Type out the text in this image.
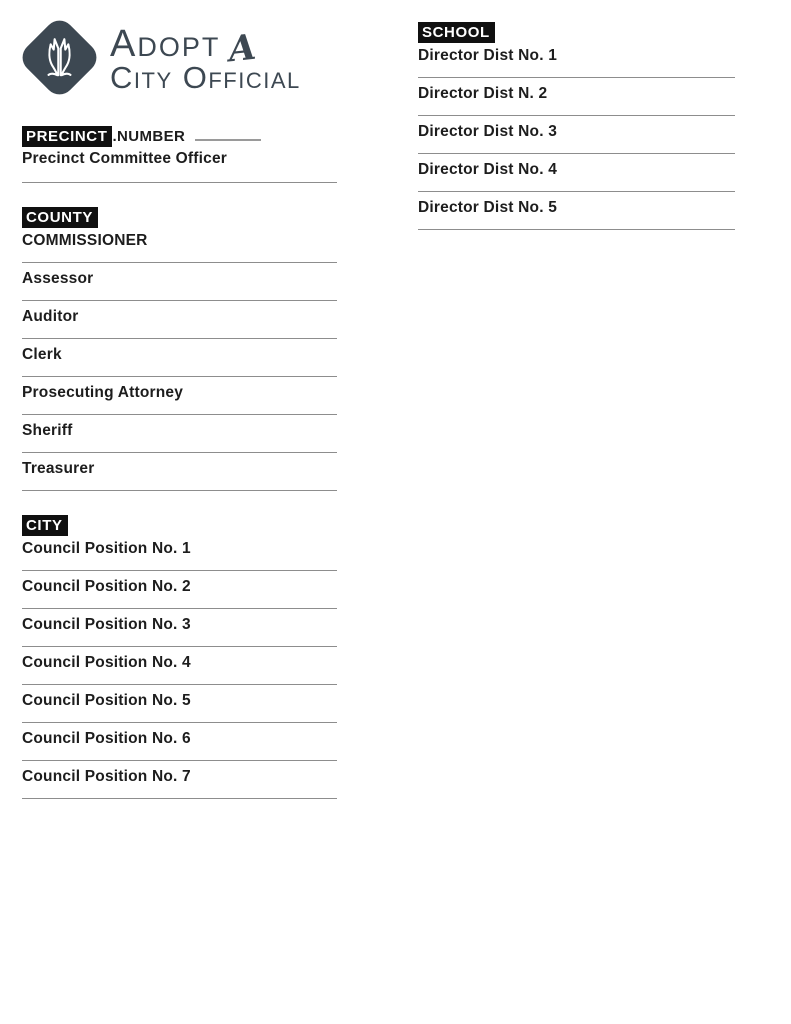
Adopt A
City Official
PRECINCT .NUMBER
Precinct Committee Officer
COUNTY
COMMISSIONER
Assessor
Auditor
Clerk
Prosecuting Attorney
Sheriff
Treasurer
CITY
Council Position No. 1
Council Position No. 2
Council Position No. 3
Council Position No. 4
Council Position No. 5
Council Position No. 6
Council Position No. 7
SCHOOL
Director Dist No. 1
Director Dist N. 2
Director Dist No. 3
Director Dist No. 4
Director Dist No. 5
